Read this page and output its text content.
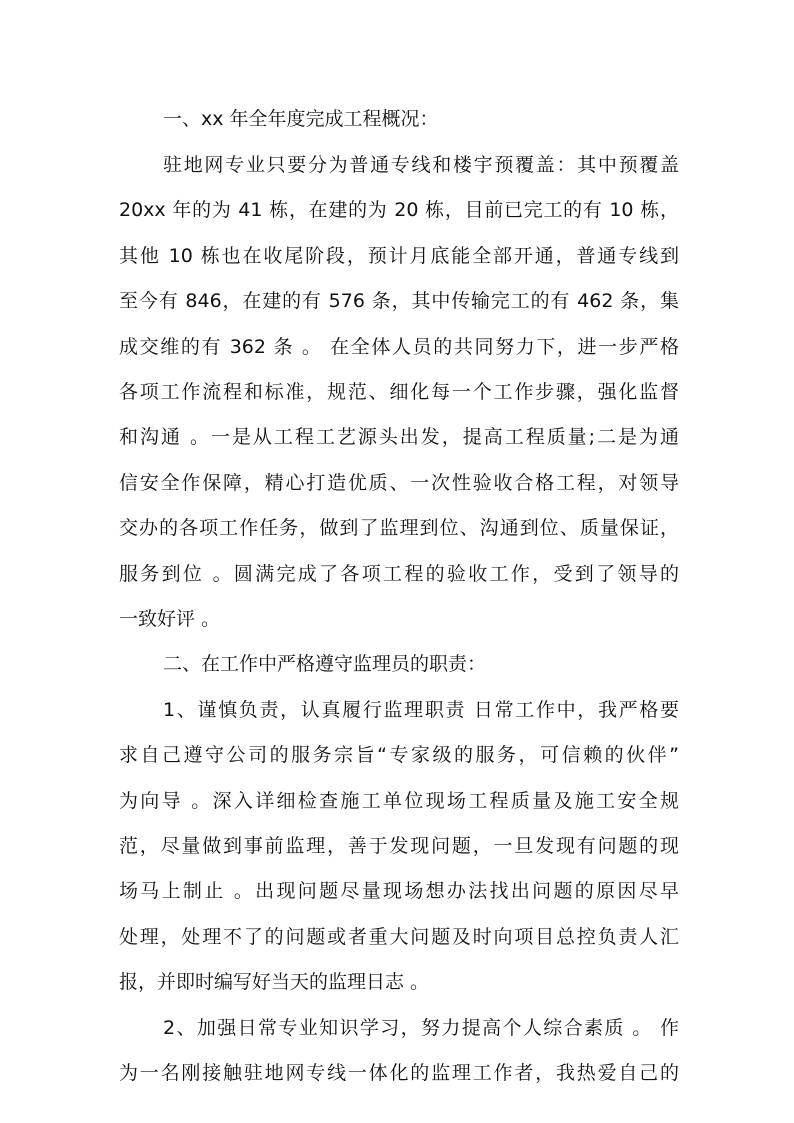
一、xx 年全年度完成工程概况：
驻地网专业只要分为普通专线和楼宇预覆盖：其中预覆盖
20xx 年的为 41 栋，在建的为 20 栋，目前已完工的有 10 栋，
其他 10 栋也在收尾阶段，预计月底能全部开通，普通专线到
至今有 846，在建的有 576 条，其中传输完工的有 462 条，集
成交维的有 362 条 。 在全体人员的共同努力下，进一步严格
各项工作流程和标准，规范、细化每一个工作步骤，强化监督
和沟通 。一是从工程工艺源头出发，提高工程质量;二是为通
信安全作保障，精心打造优质、一次性验收合格工程，对领导
交办的各项工作任务，做到了监理到位、沟通到位、质量保证，
服务到位 。圆满完成了各项工程的验收工作，受到了领导的
一致好评 。
二、在工作中严格遵守监理员的职责：
1、谨慎负责，认真履行监理职责 日常工作中，我严格要
求自己遵守公司的服务宗旨“专家级的服务，可信赖的伙伴”
为向导 。深入详细检查施工单位现场工程质量及施工安全规
范，尽量做到事前监理，善于发现问题，一旦发现有问题的现
场马上制止 。出现问题尽量现场想办法找出问题的原因尽早
处理，处理不了的问题或者重大问题及时向项目总控负责人汇
报，并即时编写好当天的监理日志 。
2、加强日常专业知识学习，努力提高个人综合素质 。 作
为一名刚接触驻地网专线一体化的监理工作者，我热爱自己的
